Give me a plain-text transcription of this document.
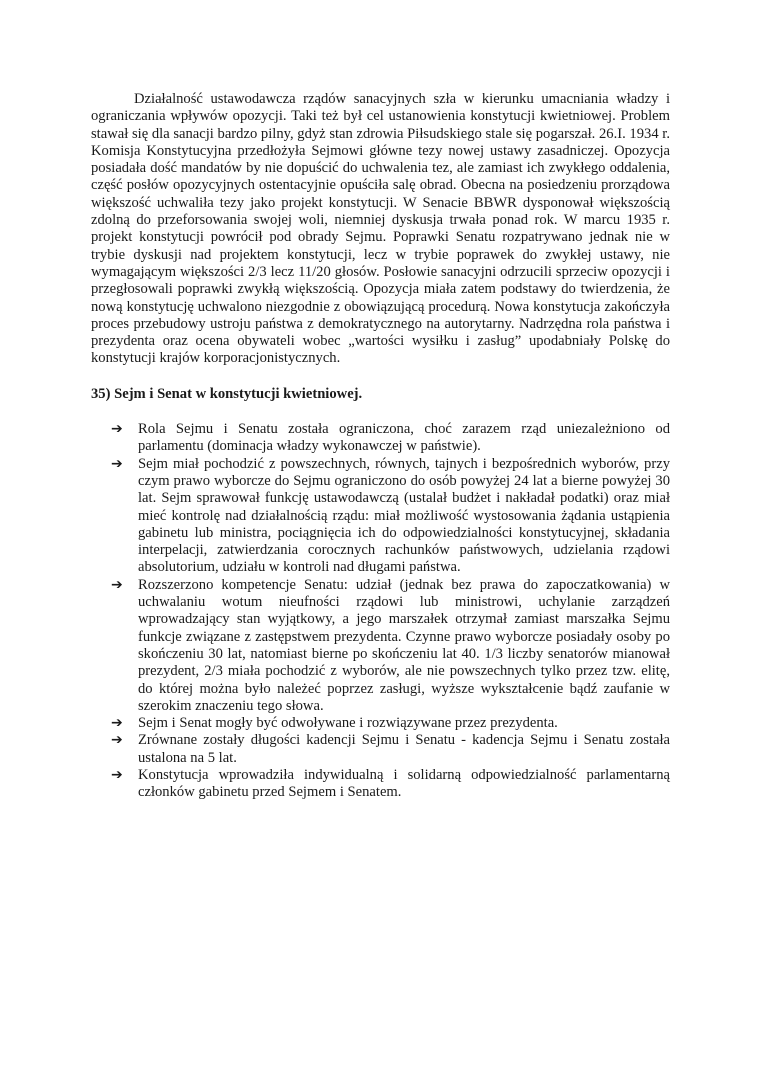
Działalność ustawodawcza rządów sanacyjnych szła w kierunku umacniania władzy i ograniczania wpływów opozycji. Taki też był cel ustanowienia konstytucji kwietniowej. Problem stawał się dla sanacji bardzo pilny, gdyż stan zdrowia Piłsudskiego stale się pogarszał. 26.I. 1934 r. Komisja Konstytucyjna przedłożyła Sejmowi główne tezy nowej ustawy zasadniczej. Opozycja posiadała dość mandatów by nie dopuścić do uchwalenia tez, ale zamiast ich zwykłego oddalenia, część posłów opozycyjnych ostentacyjnie opuściła salę obrad. Obecna na posiedzeniu prorządowa większość uchwaliła tezy jako projekt konstytucji. W Senacie BBWR dysponował większością zdolną do przeforsowania swojej woli, niemniej dyskusja trwała ponad rok. W marcu 1935 r. projekt konstytucji powrócił pod obrady Sejmu. Poprawki Senatu rozpatrywano jednak nie w trybie dyskusji nad projektem konstytucji, lecz w trybie poprawek do zwykłej ustawy, nie wymagającym większości 2/3 lecz 11/20 głosów. Posłowie sanacyjni odrzucili sprzeciw opozycji i przegłosowali poprawki zwykłą większością. Opozycja miała zatem podstawy do twierdzenia, że nową konstytucję uchwalono niezgodnie z obowiązującą procedurą. Nowa konstytucja zakończyła proces przebudowy ustroju państwa z demokratycznego na autorytarny. Nadrzędna rola państwa i prezydenta oraz ocena obywateli wobec „wartości wysiłku i zasług” upodabniały Polskę do konstytucji krajów korporacjonistycznych.

35) Sejm i Senat w konstytucji kwietniowej.

➔ Rola Sejmu i Senatu została ograniczona, choć zarazem rząd uniezależniono od parlamentu (dominacja władzy wykonawczej w państwie).
➔ Sejm miał pochodzić z powszechnych, równych, tajnych i bezpośrednich wyborów, przy czym prawo wyborcze do Sejmu ograniczono do osób powyżej 24 lat a bierne powyżej 30 lat. Sejm sprawował funkcję ustawodawczą (ustalał budżet i nakładał podatki) oraz miał mieć kontrolę nad działalnością rządu: miał możliwość wystosowania żądania ustąpienia gabinetu lub ministra, pociągnięcia ich do odpowiedzialności konstytucyjnej, składania interpelacji, zatwierdzania corocznych rachunków państwowych, udzielania rządowi absolutorium, udziału w kontroli nad długami państwa.
➔ Rozszerzono kompetencje Senatu: udział (jednak bez prawa do zapoczatkowania) w uchwalaniu wotum nieufności rządowi lub ministrowi, uchylanie zarządzeń wprowadzający stan wyjątkowy, a jego marszałek otrzymał zamiast marszałka Sejmu funkcje związane z zastępstwem prezydenta. Czynne prawo wyborcze posiadały osoby po skończeniu 30 lat, natomiast bierne po skończeniu lat 40. 1/3 liczby senatorów mianował prezydent, 2/3 miała pochodzić z wyborów, ale nie powszechnych tylko przez tzw. elitę, do której można było należeć poprzez zasługi, wyższe wykształcenie bądź zaufanie w szerokim znaczeniu tego słowa.
➔ Sejm i Senat mogły być odwoływane i rozwiązywane przez prezydenta.
➔ Zrównane zostały długości kadencji Sejmu i Senatu - kadencja Sejmu i Senatu została ustalona na 5 lat.
➔ Konstytucja wprowadziła indywidualną i solidarną odpowiedzialność parlamentarną członków gabinetu przed Sejmem i Senatem.
